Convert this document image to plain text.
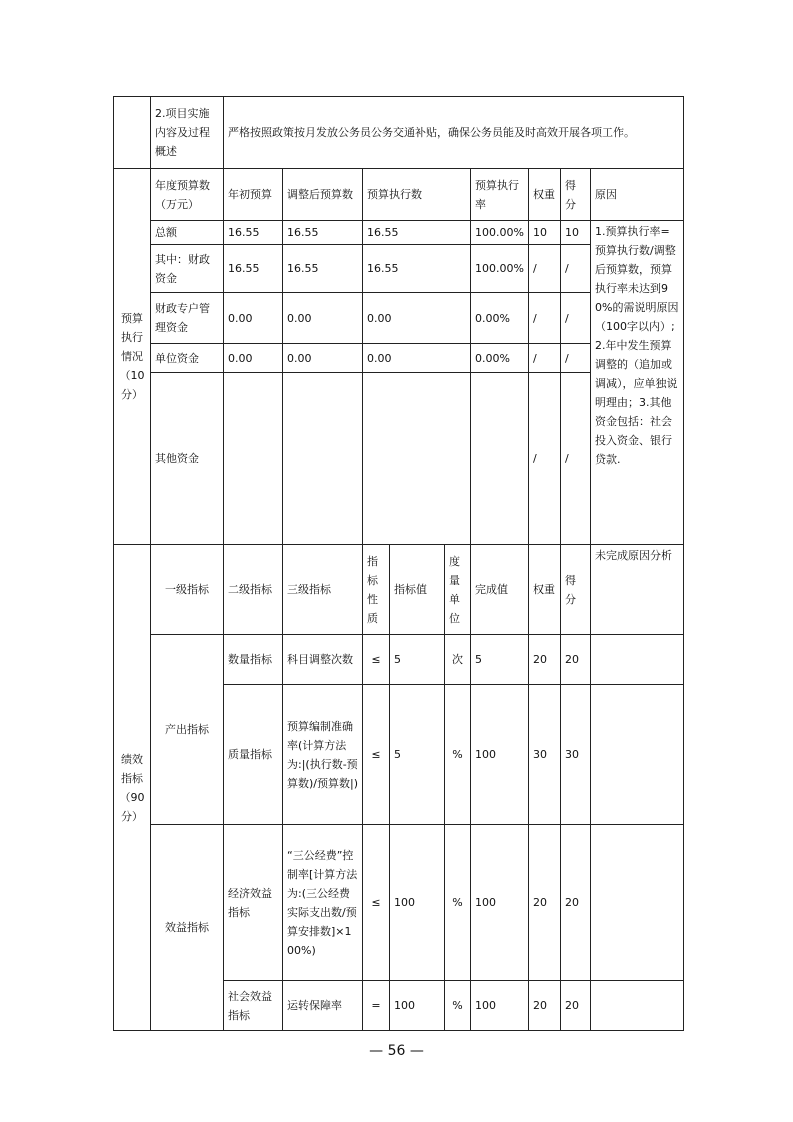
	2.项目实施内容及过程概述	严格按照政策按月发放公务员公务交通补贴，确保公务员能及时高效开展各项工作。								
预算执行情况（10分）	年度预算数（万元）	年初预算	调整后预算数	预算执行数			预算执行率	权重	得分	原因
	总额	16.55	16.55	16.55			100.00%	10	10	1.预算执行率=预算执行数/调整后预算数，预算执行率未达到90%的需说明原因（100字以内）;2.年中发生预算调整的（追加或调减），应单独说明理由；3.其他资金包括：社会投入资金、银行贷款.
	其中：财政资金	16.55	16.55	16.55			100.00%	/	/	
	财政专户管理资金	0.00	0.00	0.00			0.00%	/	/	
	单位资金	0.00	0.00	0.00			0.00%	/	/	
	其他资金							/	/	
绩效指标（90分）	一级指标	二级指标	三级指标	指标性质	指标值	度量单位	完成值	权重	得分	未完成原因分析
	产出指标	数量指标	科目调整次数	≤	5	次	5	20	20	
		质量指标	预算编制准确率(计算方法为:|(执行数-预算数)/预算数|)	≤	5	%	100	30	30	
	效益指标	经济效益指标	“三公经费”控制率[计算方法为:(三公经费实际支出数/预算安排数]×100%)	≤	100	%	100	20	20	
		社会效益指标	运转保障率	=	100	%	100	20	20	
— 56 —
